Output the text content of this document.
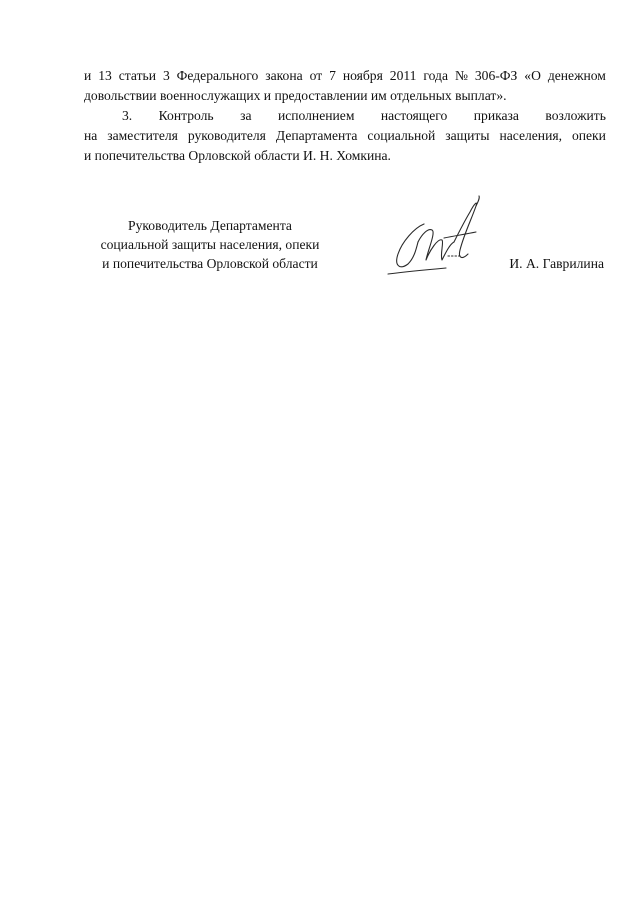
и 13 статьи 3 Федерального закона от 7 ноября 2011 года № 306-ФЗ «О денежном
довольствии военнослужащих и предоставлении им отдельных выплат».
3. Контроль за исполнением настоящего приказа возложить
на заместителя руководителя Департамента социальной защиты населения, опеки
и попечительства Орловской области И. Н. Хомкина.
Руководитель Департамента
социальной защиты населения, опеки
и попечительства Орловской области	И. А. Гаврилина
